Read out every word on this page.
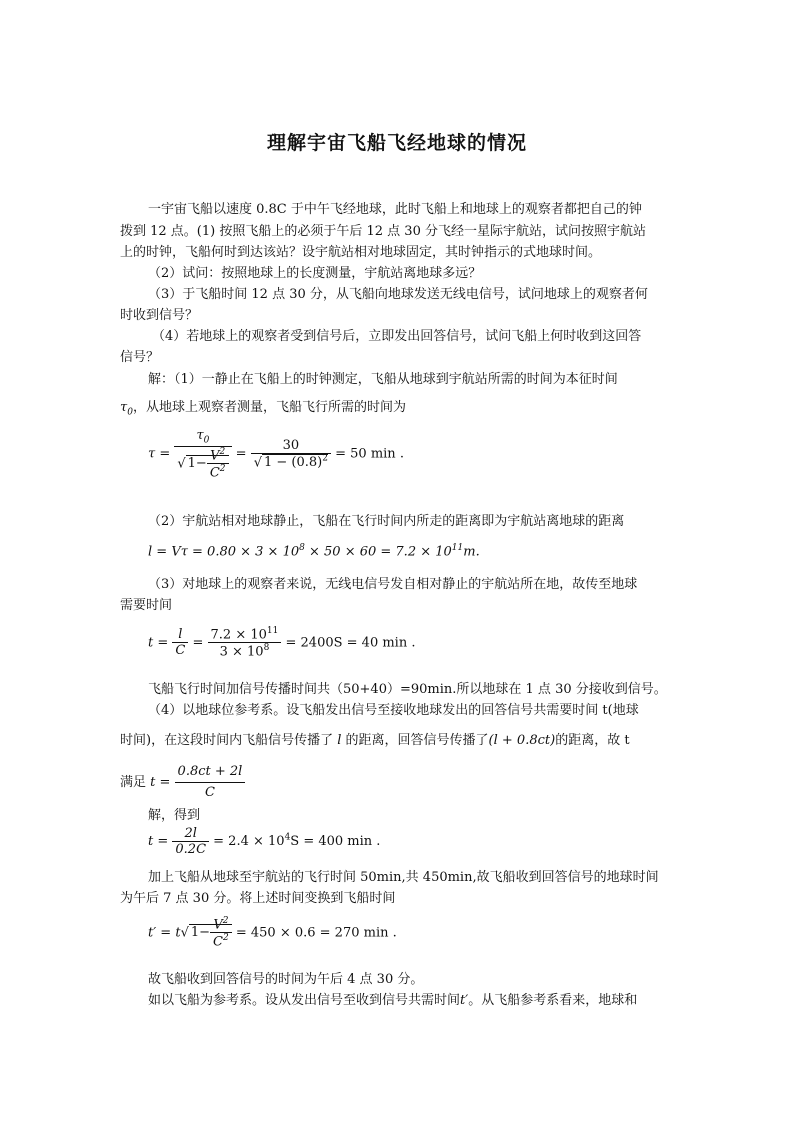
理解宇宙飞船飞经地球的情况
一宇宙飞船以速度 0.8C 于中午飞经地球，此时飞船上和地球上的观察者都把自己的钟
拨到 12 点。(1) 按照飞船上的必须于午后 12 点 30 分飞经一星际宇航站，试问按照宇航站
上的时钟，飞船何时到达该站？设宇航站相对地球固定，其时钟指示的式地球时间。
（2）试问：按照地球上的长度测量，宇航站离地球多远？
（3）于飞船时间 12 点 30 分，从飞船向地球发送无线电信号，试问地球上的观察者何
时收到信号？
（4）若地球上的观察者受到信号后，立即发出回答信号，试问飞船上何时收到这回答
信号？
解：（1）一静止在飞船上的时钟测定，飞船从地球到宇航站所需的时间为本征时间
$\tau_0$，从地球上观察者测量，飞船飞行所需的时间为
$\tau = \frac{\tau_0}{√ 1- \frac{V^2}{C^2}} = \frac{30}{√ 1 - (0.8)^2} = 50$ min .
（2）宇航站相对地球静止，飞船在飞行时间内所走的距离即为宇航站离地球的距离
$l = V\tau = 0.80 \times 3 \times 10^8 \times 50 \times 60 = 7.2 \times 10^{11}m$.
（3）对地球上的观察者来说，无线电信号发自相对静止的宇航站所在地，故传至地球
需要时间
$t = \frac{l}{C} = \frac{7.2 \times 10^{11}}{3 \times 10^8} = 2400S = 40$ min .
飞船飞行时间加信号传播时间共（50+40）=90min.所以地球在 1 点 30 分接收到信号。
（4）以地球位参考系。设飞船发出信号至接收地球发出的回答信号共需要时间 t(地球
时间)，在这段时间内飞船信号传播了 l 的距离，回答信号传播了(l + 0.8ct)的距离，故 t
满足 $t = \frac{0.8ct + 2l}{C}$
解，得到
$t = \frac{2l}{0.2C} = 2.4 \times 10^4S = 400$ min .
加上飞船从地球至宇航站的飞行时间 50min,共 450min,故飞船收到回答信号的地球时间
为午后 7 点 30 分。将上述时间变换到飞船时间
t′ = t√ $1- \frac{V^2}{C^2} = 450 \times 0.6 = 270$ min .
故飞船收到回答信号的时间为午后 4 点 30 分。
如以飞船为参考系。设从发出信号至收到信号共需时间t′。从飞船参考系看来，地球和
